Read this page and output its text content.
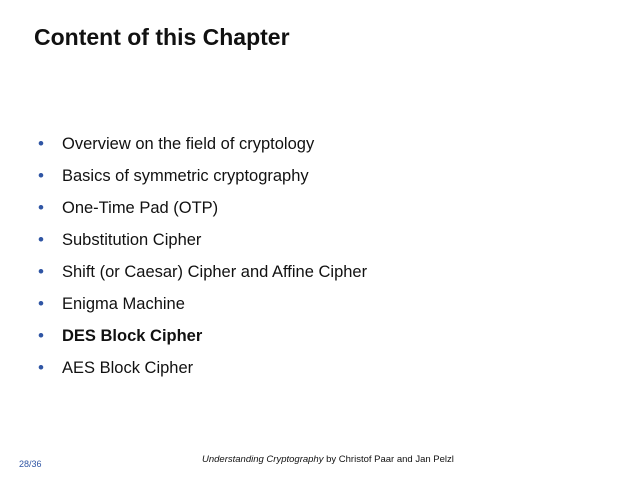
Content of this Chapter
•	Overview on the field of cryptology
•	Basics of symmetric cryptography
•	One-Time Pad (OTP)
•	Substitution Cipher
•	Shift (or Caesar) Cipher and Affine Cipher
•	Enigma Machine
•	DES Block Cipher
•	AES Block Cipher
28/36	Understanding Cryptography by Christof Paar and Jan Pelzl
